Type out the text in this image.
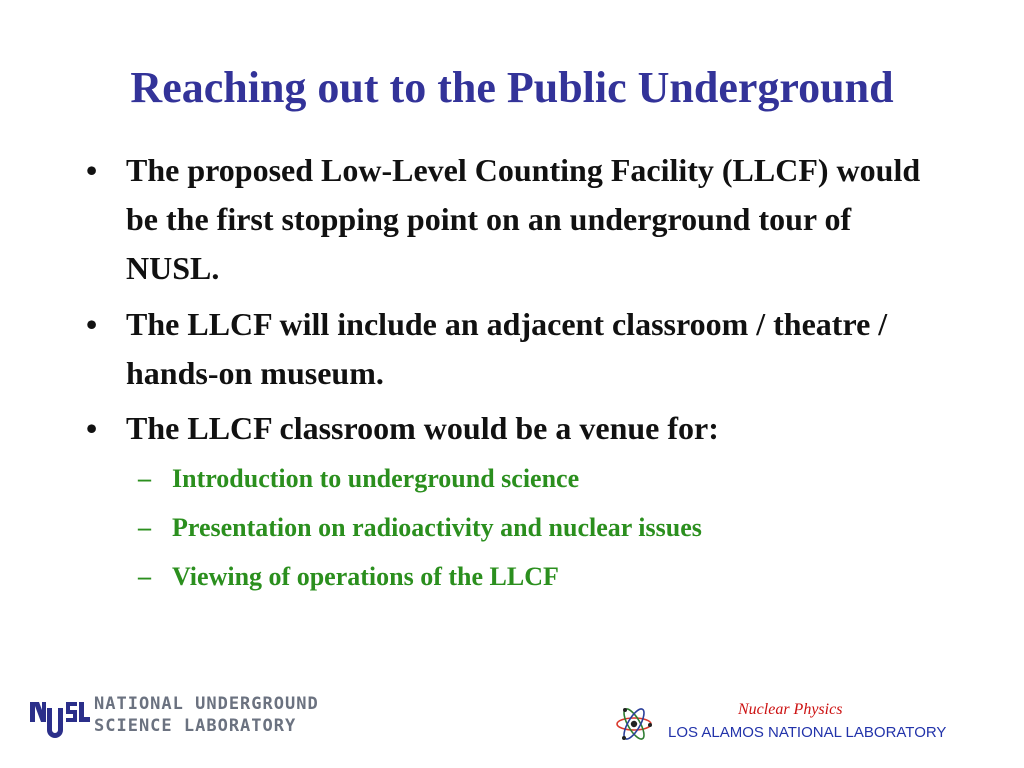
Reaching out to the Public Underground
• The proposed Low-Level Counting Facility (LLCF) would be the first stopping point on an underground tour of NUSL.
• The LLCF will include an adjacent classroom / theatre / hands-on museum.
• The LLCF classroom would be a venue for:
– Introduction to underground science
– Presentation on radioactivity and nuclear issues
– Viewing of operations of the LLCF
NATIONAL UNDERGROUND
SCIENCE LABORATORY
Nuclear Physics
LOS ALAMOS NATIONAL LABORATORY
